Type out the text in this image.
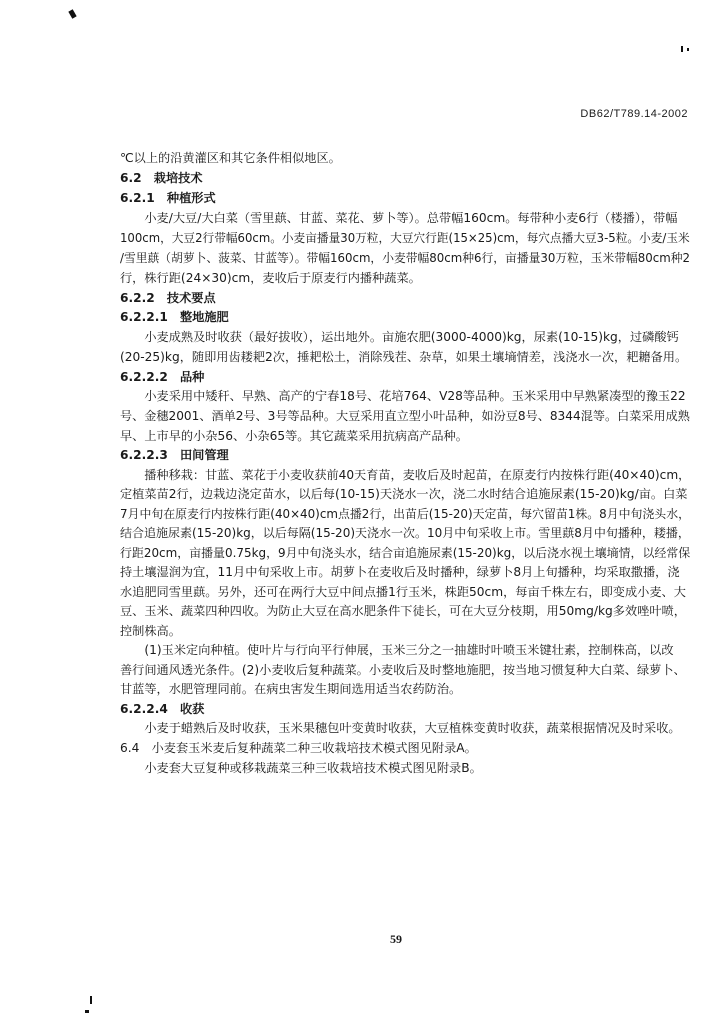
DB62/T789.14-2002
℃以上的沿黄灌区和其它条件相似地区。
6.2　栽培技术
6.2.1　种植形式
　　小麦/大豆/大白菜（雪里蕻、甘蓝、菜花、萝卜等）。总带幅160cm。每带种小麦6行（楼播），带幅
100cm，大豆2行带幅60cm。小麦亩播量30万粒，大豆穴行距(15×25)cm，每穴点播大豆3-5粒。小麦/玉米
/雪里蕻（胡萝卜、菠菜、甘蓝等）。带幅160cm，小麦带幅80cm种6行，亩播量30万粒，玉米带幅80cm种2
行，株行距(24×30)cm，麦收后于原麦行内播种蔬菜。
6.2.2　技术要点
6.2.2.1　整地施肥
　　小麦成熟及时收获（最好拔收），运出地外。亩施农肥(3000-4000)kg，尿素(10-15)kg，过磷酸钙
(20-25)kg，随即用齿耧耙2次，捶耙松土，消除残茬、杂草，如果土壤墒情差，浅浇水一次，耙耱备用。
6.2.2.2　品种
　　小麦采用中矮秆、早熟、高产的宁春18号、花培764、V28等品种。玉米采用中早熟紧凑型的豫玉22
号、金穗2001、酒单2号、3号等品种。大豆采用直立型小叶品种，如汾豆8号、8344混等。白菜采用成熟
早、上市早的小杂56、小杂65等。其它蔬菜采用抗病高产品种。
6.2.2.3　田间管理
　　播种移栽：甘蓝、菜花于小麦收获前40天育苗，麦收后及时起苗，在原麦行内按株行距(40×40)cm，
定植菜苗2行，边栽边浇定苗水，以后每(10-15)天浇水一次，浇二水时结合追施尿素(15-20)kg/亩。白菜
7月中旬在原麦行内按株行距(40×40)cm点播2行，出苗后(15-20)天定苗，每穴留苗1株。8月中旬浇头水，
结合追施尿素(15-20)kg，以后每隔(15-20)天浇水一次。10月中旬采收上市。雪里蕻8月中旬播种，耧播，
行距20cm，亩播量0.75kg，9月中旬浇头水，结合亩追施尿素(15-20)kg，以后浇水视土壤墒情，以经常保
持土壤湿润为宜，11月中旬采收上市。胡萝卜在麦收后及时播种，绿萝卜8月上旬播种，均采取撒播，浇
水追肥同雪里蕻。另外，还可在两行大豆中间点播1行玉米，株距50cm，每亩千株左右，即变成小麦、大
豆、玉米、蔬菜四种四收。为防止大豆在高水肥条件下徒长，可在大豆分枝期，用50mg/kg多效唑叶喷，
控制株高。
　　(1)玉米定向种植。使叶片与行向平行伸展，玉米三分之一抽雄时叶喷玉米键壮素，控制株高，以改
善行间通风透光条件。(2)小麦收后复种蔬菜。小麦收后及时整地施肥，按当地习惯复种大白菜、绿萝卜、
甘蓝等，水肥管理同前。在病虫害发生期间选用适当农药防治。
6.2.2.4　收获
　　小麦于蜡熟后及时收获，玉米果穗包叶变黄时收获，大豆植株变黄时收获，蔬菜根据情况及时采收。
6.4　小麦套玉米麦后复种蔬菜二种三收栽培技术模式图见附录A。
　　小麦套大豆复种或移栽蔬菜三种三收栽培技术模式图见附录B。
59
